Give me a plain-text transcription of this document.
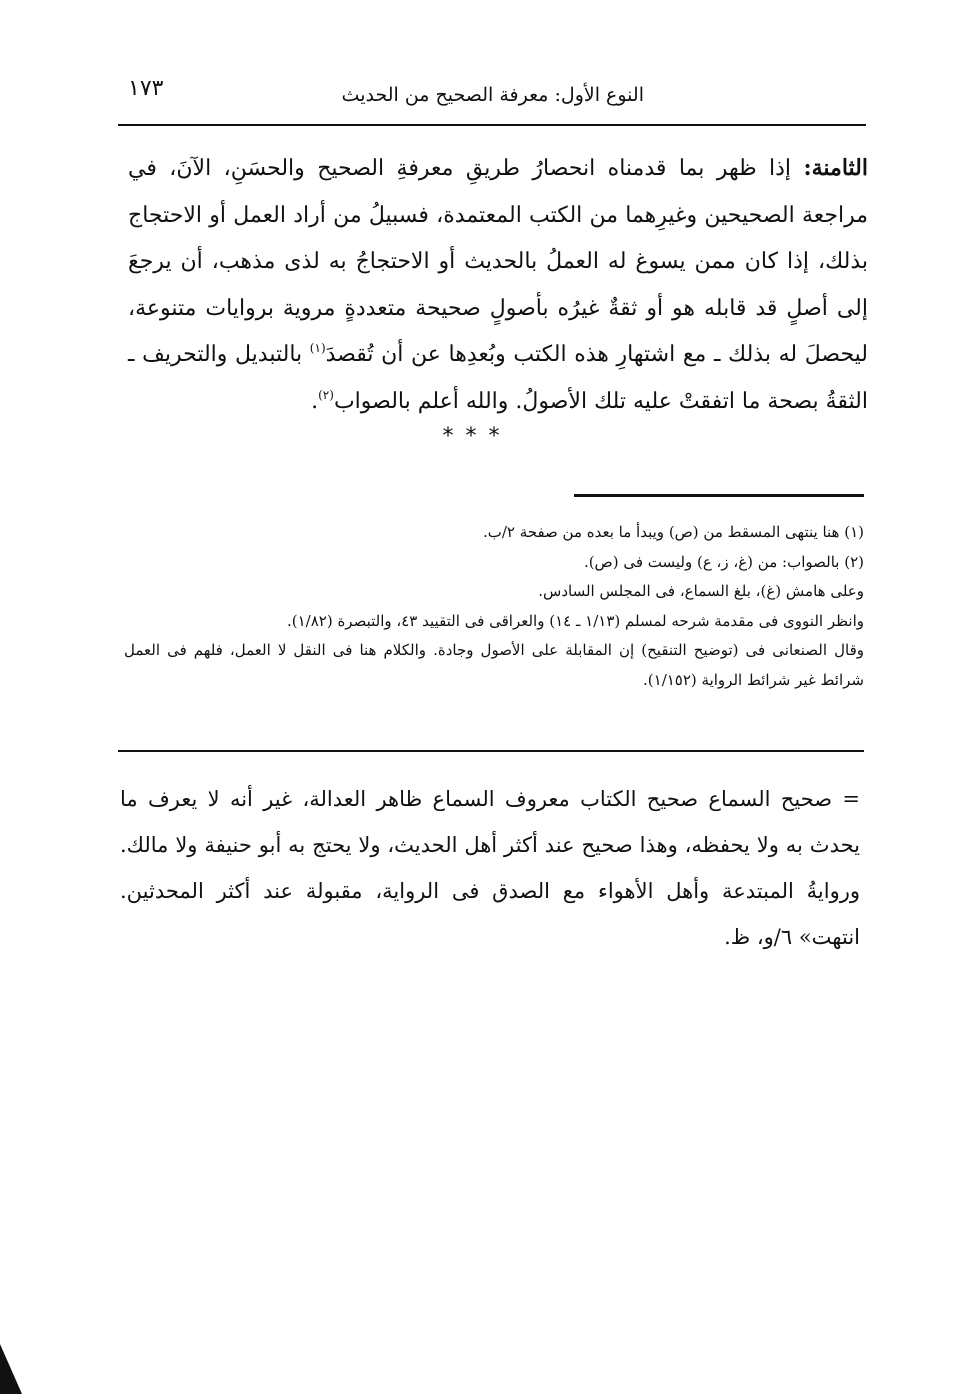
١٧٣	النوع الأول: معرفة الصحيح من الحديث
الثامنة: إذا ظهر بما قدمناه انحصارُ طريقِ معرفةِ الصحيح والحسَنِ، الآنَ، في مراجعة الصحيحين وغيرِهما من الكتب المعتمدة، فسبيلُ من أراد العمل أو الاحتجاج بذلك، إذا كان ممن يسوغ له العملُ بالحديث أو الاحتجاجُ به لذى مذهب، أن يرجعَ إلى أصلٍ قد قابله هو أو ثقةٌ غيرُه بأصولٍ صحيحة متعددةٍ مروية بروايات متنوعة، ليحصلَ له بذلك ـ مع اشتهارِ هذه الكتب وبُعدِها عن أن تُقصدَ$^{(١)}$ بالتبديل والتحريف ـ الثقةُ بصحة ما اتفقتْ عليه تلك الأصولُ. والله أعلم بالصواب$^{(٢)}$.
***
(١) هنا ينتهى المسقط من (ص) ويبدأ ما بعده من صفحة ٢/ب.
(٢) بالصواب: من (غ، ز، ع) وليست فى (ص).
وعلى هامش (غ)، بلغ السماع، فى المجلس السادس.
وانظر النووى فى مقدمة شرحه لمسلم (١/١٣ ـ ١٤) والعراقى فى التقييد ٤٣، والتبصرة (١/٨٢).
وقال الصنعانى فى (توضيح التنقيح) إن المقابلة على الأصول وجادة. والكلام هنا فى النقل لا العمل، فلهم فى العمل شرائط غير شرائط الرواية (١/١٥٢).
= صحيح السماع صحيح الكتاب معروف السماع ظاهر العدالة، غير أنه لا يعرف ما يحدث به ولا يحفظه، وهذا صحيح عند أكثر أهل الحديث، ولا يحتج به أبو حنيفة ولا مالك. وروايةُ المبتدعة وأهل الأهواء مع الصدق فى الرواية، مقبولة عند أكثر المحدثين. انتهت» ٦/و، ظ.
